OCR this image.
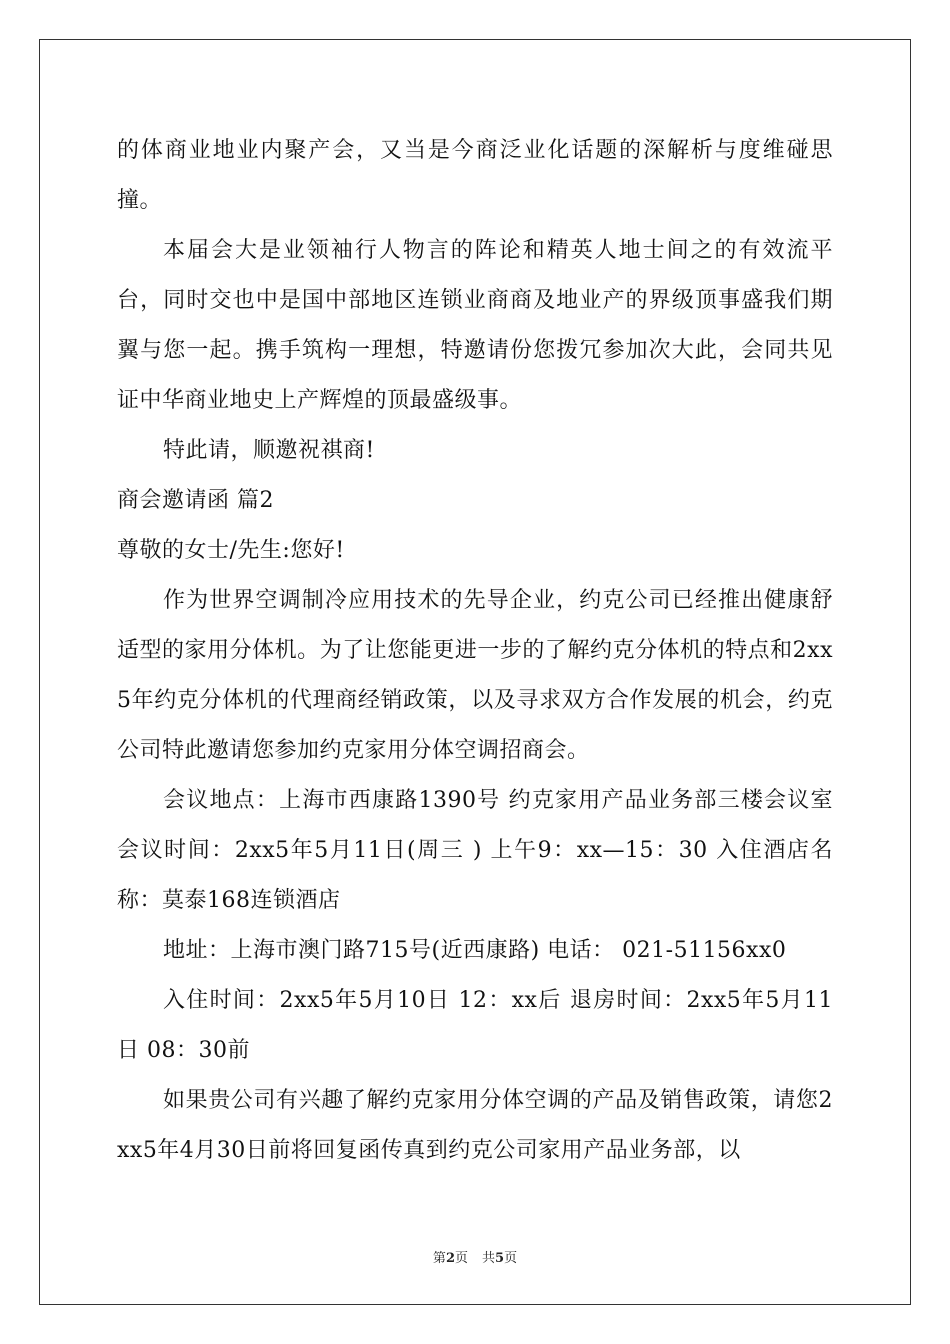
的体商业地业内聚产会，又当是今商泛业化话题的深解析与度维碰思撞。

本届会大是业领袖行人物言的阵论和精英人地士间之的有效流平台，同时交也中是国中部地区连锁业商商及地业产的界级顶事盛我们期翼与您一起。携手筑构一理想，特邀请份您拨冗参加次大此，会同共见证中华商业地史上产辉煌的顶最盛级事。

特此请，顺邀祝祺商!

商会邀请函 篇2

尊敬的女士/先生:您好!

作为世界空调制冷应用技术的先导企业，约克公司已经推出健康舒适型的家用分体机。为了让您能更进一步的了解约克分体机的特点和2xx5年约克分体机的代理商经销政策，以及寻求双方合作发展的机会，约克公司特此邀请您参加约克家用分体空调招商会。

会议地点：上海市西康路1390号 约克家用产品业务部三楼会议室 会议时间：2xx5年5月11日(周三 ) 上午9：xx—15：30 入住酒店名称：莫泰168连锁酒店

地址：上海市澳门路715号(近西康路) 电话： 021-51156xx0

入住时间：2xx5年5月10日 12：xx后 退房时间：2xx5年5月11日 08：30前

如果贵公司有兴趣了解约克家用分体空调的产品及销售政策，请您2xx5年4月30日前将回复函传真到约克公司家用产品业务部，以

第2页 共5页
